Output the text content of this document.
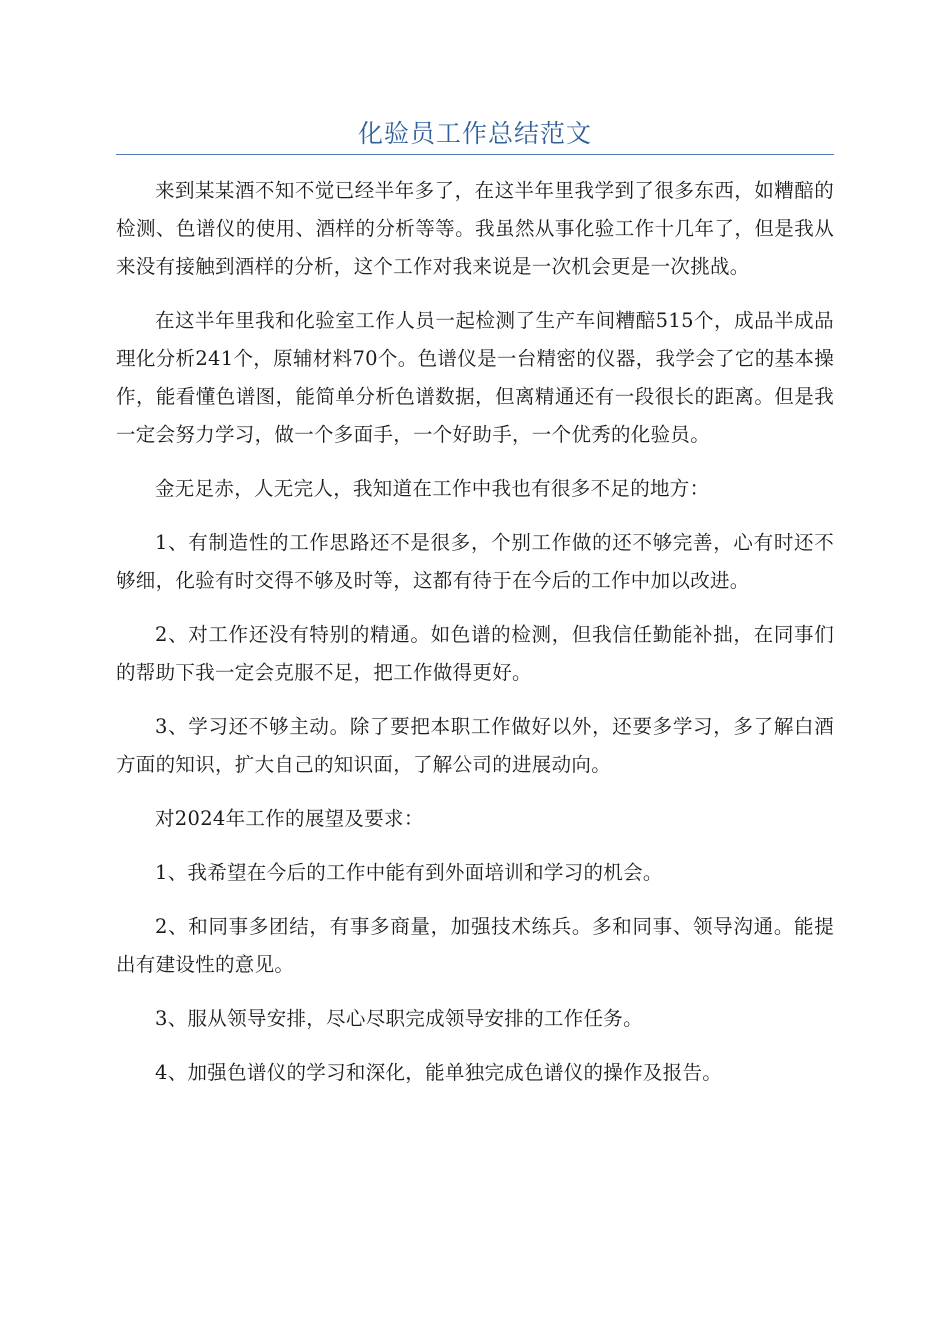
化验员工作总结范文

来到某某酒不知不觉已经半年多了，在这半年里我学到了很多东西，如糟醅的检测、色谱仪的使用、酒样的分析等等。我虽然从事化验工作十几年了，但是我从来没有接触到酒样的分析，这个工作对我来说是一次机会更是一次挑战。

在这半年里我和化验室工作人员一起检测了生产车间糟醅515个，成品半成品理化分析241个，原辅材料70个。色谱仪是一台精密的仪器，我学会了它的基本操作，能看懂色谱图，能简单分析色谱数据，但离精通还有一段很长的距离。但是我一定会努力学习，做一个多面手，一个好助手，一个优秀的化验员。

金无足赤，人无完人，我知道在工作中我也有很多不足的地方：

1、有制造性的工作思路还不是很多，个别工作做的还不够完善，心有时还不够细，化验有时交得不够及时等，这都有待于在今后的工作中加以改进。

2、对工作还没有特别的精通。如色谱的检测，但我信任勤能补拙，在同事们的帮助下我一定会克服不足，把工作做得更好。

3、学习还不够主动。除了要把本职工作做好以外，还要多学习，多了解白酒方面的知识，扩大自己的知识面，了解公司的进展动向。

对2024年工作的展望及要求：

1、我希望在今后的工作中能有到外面培训和学习的机会。

2、和同事多团结，有事多商量，加强技术练兵。多和同事、领导沟通。能提出有建设性的意见。

3、服从领导安排，尽心尽职完成领导安排的工作任务。

4、加强色谱仪的学习和深化，能单独完成色谱仪的操作及报告。
